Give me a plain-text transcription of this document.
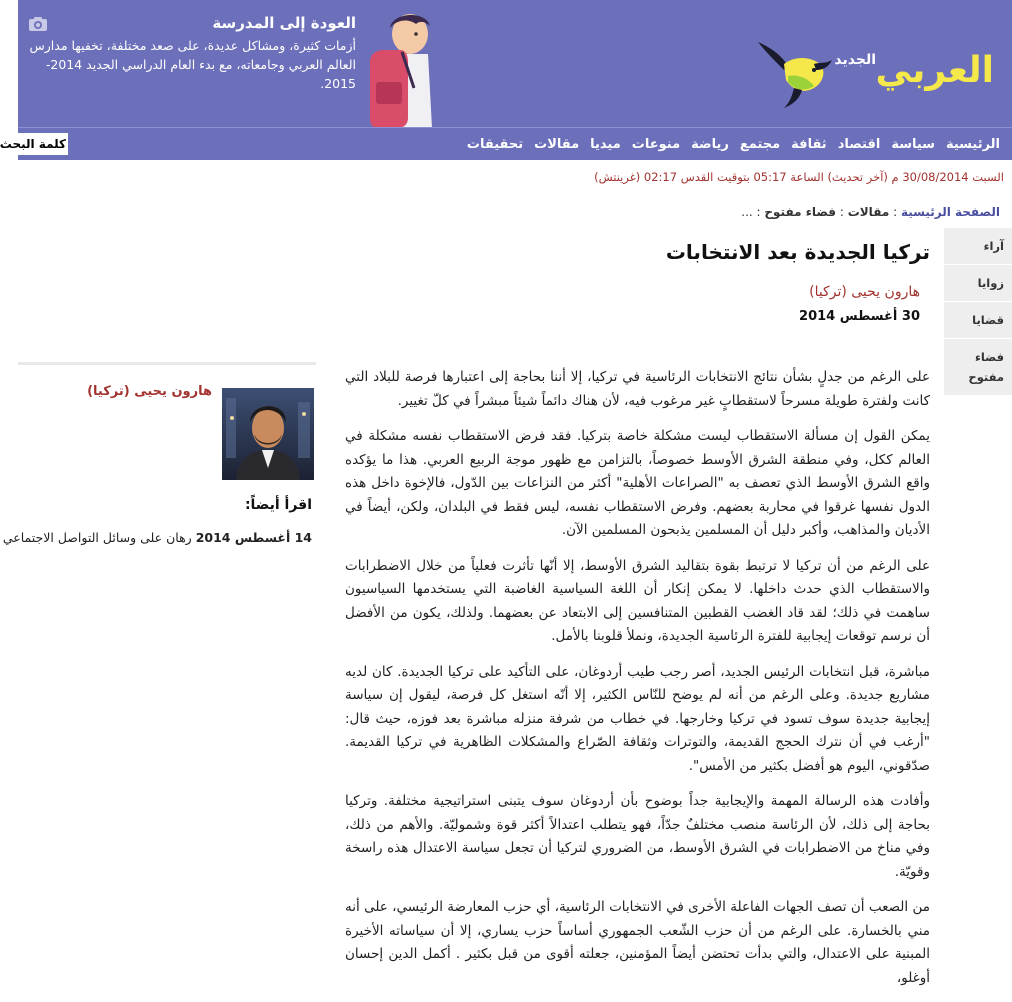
العربي
الجديد
العودة إلى المدرسة
أزمات كثيرة، ومشاكل عديدة، على صعد مختلفة، تخفيها مدارس العالم العربي وجامعاته، مع بدء العام الدراسي الجديد 2014- 2015.
الرئيسية
سياسة
اقتصاد
ثقافة
مجتمع
رياضة
منوعات
ميديا
مقالات
تحقيقات
كلمة البحث
السبت 30/08/2014 م (آخر تحديث) الساعة 05:17 بتوقيت القدس 02:17 (غرينتش)
الصفحة الرئيسية : مقالات : فضاء مفتوح : ...
آراء
زوايا
قضايا
فضاء مفتوح
تركيا الجديدة بعد الانتخابات
هارون يحيى (تركيا)
30 أغسطس 2014

على الرغم من جدلٍ بشأن نتائج الانتخابات الرئاسية في تركيا، إلا أننا بحاجة إلى اعتبارها فرصة للبلاد التي كانت ولفترة طويلة مسرحاً لاستقطابٍ غير مرغوب فيه، لأن هناك دائماً شيئاً مبشراً في كلّ تغيير.

يمكن القول إن مسألة الاستقطاب ليست مشكلة خاصة بتركيا. فقد فرض الاستقطاب نفسه مشكلة في العالم ككل، وفي منطقة الشرق الأوسط خصوصاً، بالتزامن مع ظهور موجة الربيع العربي. هذا ما يؤكده واقع الشرق الأوسط الذي تعصف به "الصراعات الأهلية" أكثر من النزاعات بين الدّول، فالإخوة داخل هذه الدول نفسها غرقوا في محاربة بعضهم. وفرض الاستقطاب نفسه، ليس فقط في البلدان، ولكن، أيضاً في الأديان والمذاهب، وأكبر دليل أن المسلمين يذبحون المسلمين الآن.

على الرغم من أن تركيا لا ترتبط بقوة بتقاليد الشرق الأوسط، إلا أنّها تأثرت فعلياً من خلال الاضطرابات والاستقطاب الذي حدث داخلها. لا يمكن إنكار أن اللغة السياسية الغاضبة التي يستخدمها السياسيون ساهمت في ذلك؛ لقد قاد الغضب القطبين المتنافسين إلى الابتعاد عن بعضهما. ولذلك، يكون من الأفضل أن نرسم توقعات إيجابية للفترة الرئاسية الجديدة، ونملأ قلوبنا بالأمل.

مباشرة، قبل انتخابات الرئيس الجديد، أصر رجب طيب أردوغان، على التأكيد على تركيا الجديدة. كان لديه مشاريع جديدة. وعلى الرغم من أنه لم يوضح للنّاس الكثير، إلا أنّه استغل كل فرصة، ليقول إن سياسة إيجابية جديدة سوف تسود في تركيا وخارجها. في خطاب من شرفة منزله مباشرة بعد فوزه، حيث قال: "أرغب في أن نترك الحجج القديمة، والتوترات وثقافة الصّراع والمشكلات الظاهرية في تركيا القديمة. صدّقوني، اليوم هو أفضل بكثير من الأمس".

وأفادت هذه الرسالة المهمة والإيجابية جداً بوضوح بأن أردوغان سوف يتبنى استراتيجية مختلفة. وتركيا بحاجة إلى ذلك، لأن الرئاسة منصب مختلفٌ جدّاً، فهو يتطلب اعتدالاً أكثر قوة وشموليّة. والأهم من ذلك، وفي مناخ من الاضطرابات في الشرق الأوسط، من الضروري لتركيا أن تجعل سياسة الاعتدال هذه راسخة وقويّة.

من الصعب أن تصف الجهات الفاعلة الأخرى في الانتخابات الرئاسية، أي حزب المعارضة الرئيسي، على أنه مني بالخسارة. على الرغم من أن حزب الشّعب الجمهوري أساساً حزب يساري، إلا أن سياساته الأخيرة المبنية على الاعتدال، والتي بدأت تحتضن أيضاً المؤمنين، جعلته أقوى من قبل بكثير . أكمل الدين إحسان أوغلو،

هارون يحيى (تركيا)
اقرأ أيضاً:
14 أغسطس 2014 رهان على وسائل التواصل الاجتماعي
